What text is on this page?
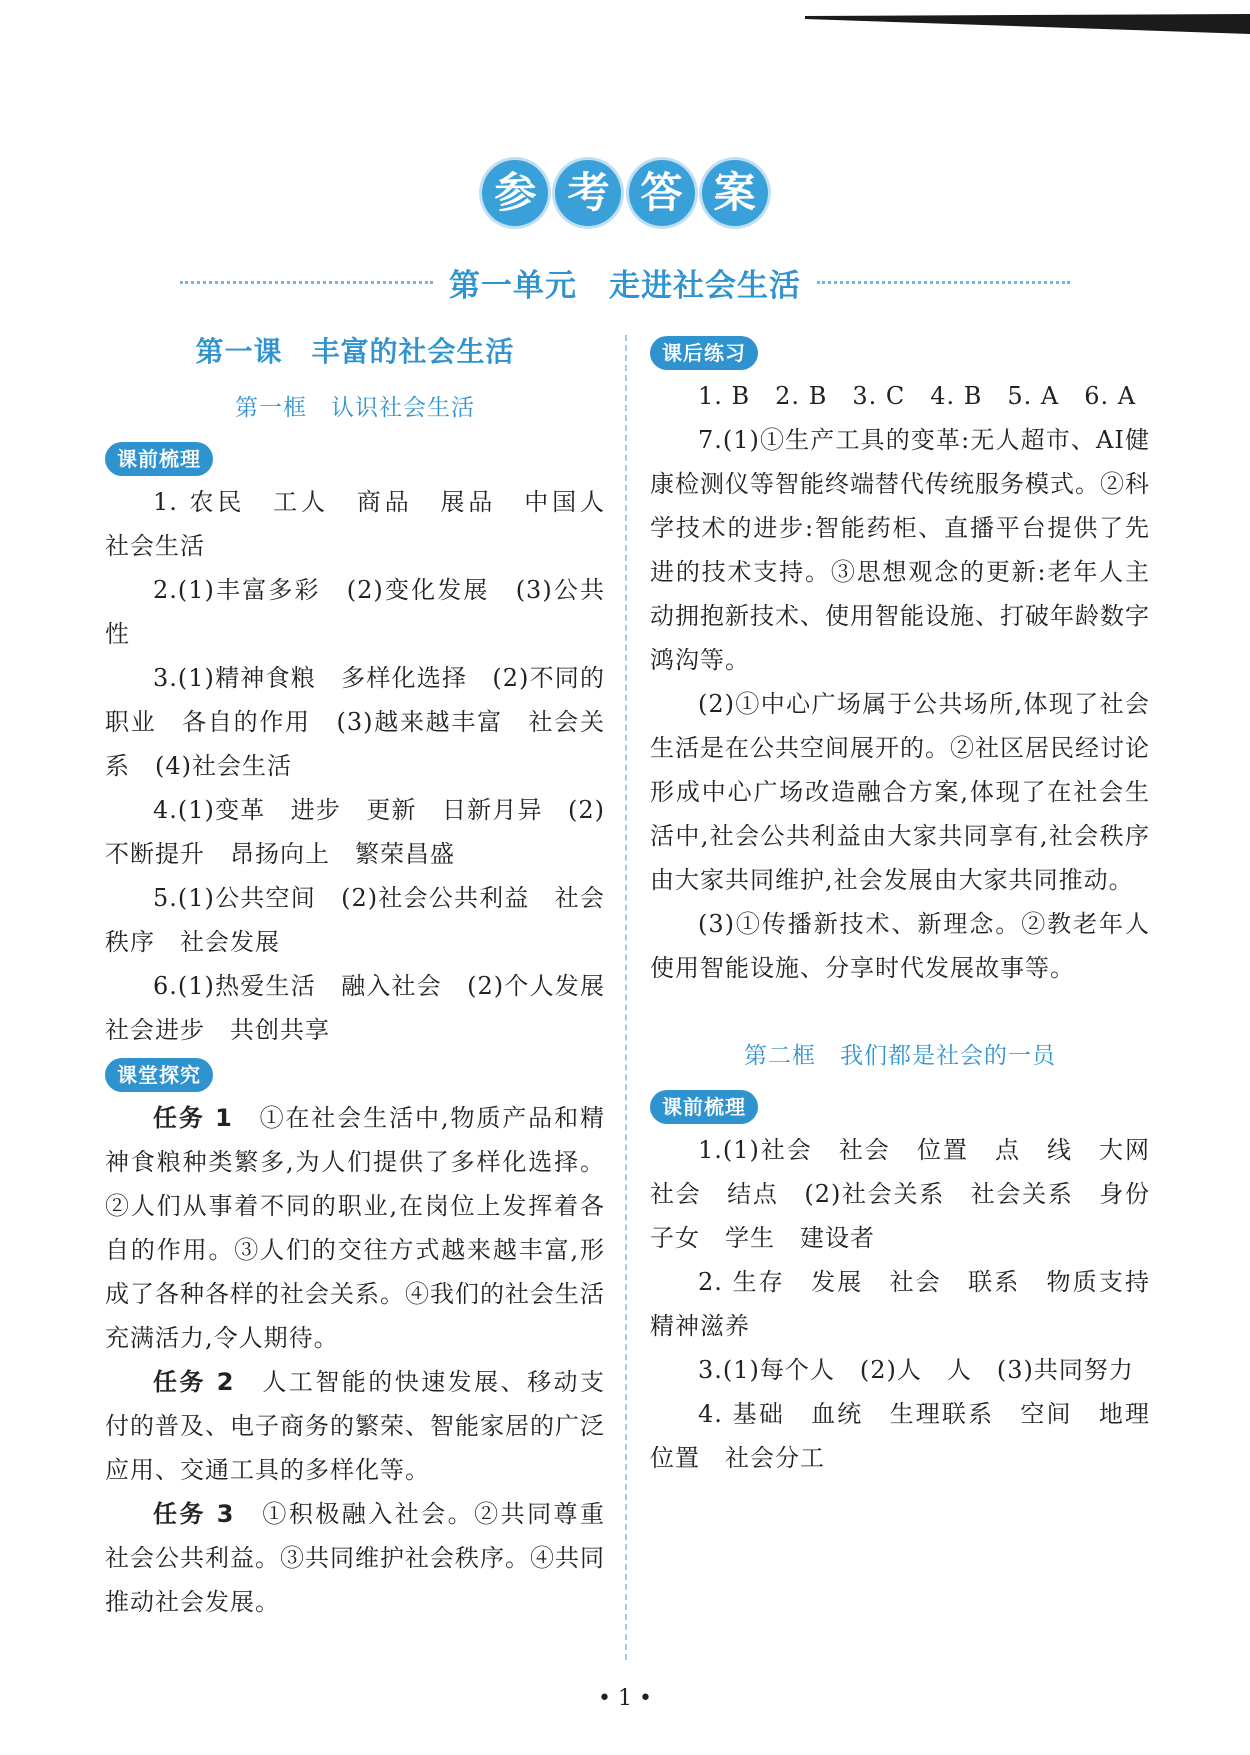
参 考 答 案
第一单元　走进社会生活
第一课　丰富的社会生活
第一框　认识社会生活
课前梳理

1. 农民　工人　商品　展品　中国人　社会生活

2.(1)丰富多彩　(2)变化发展　(3)公共性

3.(1)精神食粮　多样化选择　(2)不同的职业　各自的作用　(3)越来越丰富　社会关系　(4)社会生活

4.(1)变革　进步　更新　日新月异　(2)不断提升　昂扬向上　繁荣昌盛

5.(1)公共空间　(2)社会公共利益　社会秩序　社会发展

6.(1)热爱生活　融入社会　(2)个人发展　社会进步　共创共享

课堂探究

任务 1　①在社会生活中,物质产品和精神食粮种类繁多,为人们提供了多样化选择。②人们从事着不同的职业,在岗位上发挥着各自的作用。③人们的交往方式越来越丰富,形成了各种各样的社会关系。④我们的社会生活充满活力,令人期待。

任务 2　人工智能的快速发展、移动支付的普及、电子商务的繁荣、智能家居的广泛应用、交通工具的多样化等。

任务 3　①积极融入社会。②共同尊重社会公共利益。③共同维护社会秩序。④共同推动社会发展。

课后练习

1. B　2. B　3. C　4. B　5. A　6. A

7.(1)①生产工具的变革:无人超市、AI健康检测仪等智能终端替代传统服务模式。②科学技术的进步:智能药柜、直播平台提供了先进的技术支持。③思想观念的更新:老年人主动拥抱新技术、使用智能设施、打破年龄数字鸿沟等。

(2)①中心广场属于公共场所,体现了社会生活是在公共空间展开的。②社区居民经讨论形成中心广场改造融合方案,体现了在社会生活中,社会公共利益由大家共同享有,社会秩序由大家共同维护,社会发展由大家共同推动。

(3)①传播新技术、新理念。②教老年人使用智能设施、分享时代发展故事等。

第二框　我们都是社会的一员
课前梳理

1.(1)社会　社会　位置　点　线　大网　社会　结点　(2)社会关系　社会关系　身份　子女　学生　建设者

2. 生存　发展　社会　联系　物质支持　精神滋养

3.(1)每个人　(2)人　人　(3)共同努力

4. 基础　血统　生理联系　空间　地理位置　社会分工

• 1 •
